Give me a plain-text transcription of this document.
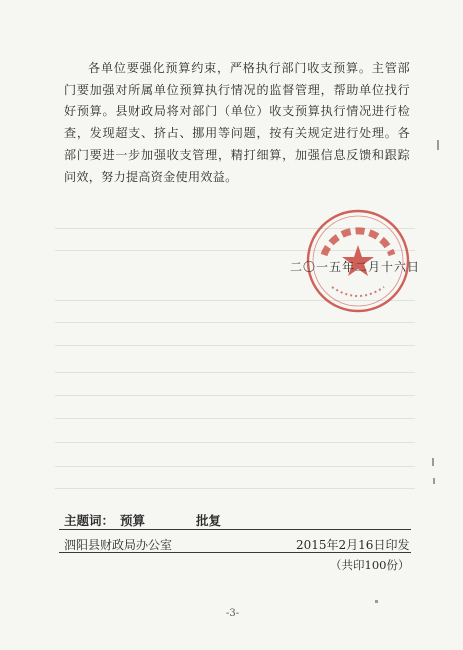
各单位要强化预算约束，严格执行部门收支预算。主管部门要加强对所属单位预算执行情况的监督管理，帮助单位找行好预算。县财政局将对部门（单位）收支预算执行情况进行检查，发现超支、挤占、挪用等问题，按有关规定进行处理。各部门要进一步加强收支管理，精打细算，加强信息反馈和跟踪问效，努力提高资金使用效益。
二〇一五年二月十六日
主题词： 预算	批复
泗阳县财政局办公室	2015年2月16日印发
（共印100份）
-3-
